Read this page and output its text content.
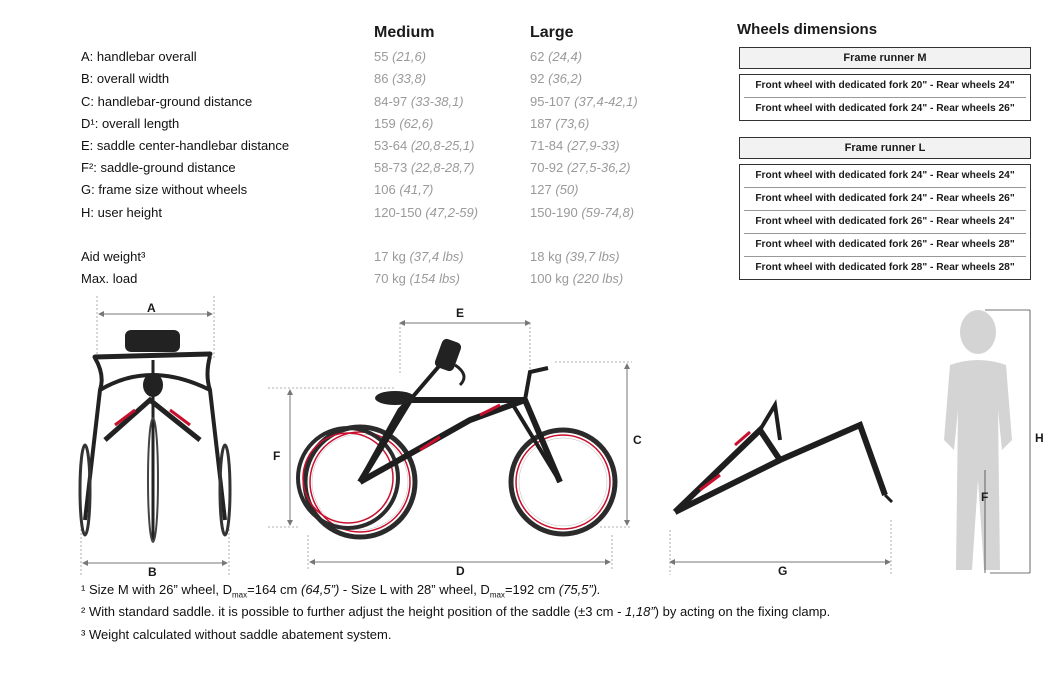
Medium	Large
A: handlebar overall	55 (21,6)	62 (24,4)
B: overall width	86 (33,8)	92 (36,2)
C: handlebar-ground distance	84-97 (33-38,1)	95-107 (37,4-42,1)
D¹: overall length	159 (62,6)	187 (73,6)
E: saddle center-handlebar distance	53-64 (20,8-25,1)	71-84 (27,9-33)
F²: saddle-ground distance	58-73 (22,8-28,7)	70-92 (27,5-36,2)
G: frame size without wheels	106 (41,7)	127 (50)
H: user height	120-150 (47,2-59)	150-190 (59-74,8)
Aid weight³	17 kg (37,4 lbs)	18 kg (39,7 lbs)
Max. load	70 kg (154 lbs)	100 kg (220 lbs)
Wheels dimensions
Frame runner M
Front wheel with dedicated fork 20" - Rear wheels 24"
Front wheel with dedicated fork 24" - Rear wheels 26"
Frame runner L
Front wheel with dedicated fork 24" - Rear wheels 24"
Front wheel with dedicated fork 24" - Rear wheels 26"
Front wheel with dedicated fork 26" - Rear wheels 24"
Front wheel with dedicated fork 26" - Rear wheels 28"
Front wheel with dedicated fork 28" - Rear wheels 28"
A
B
C
D
E
F
G
H
F
¹ Size M with 26” wheel, $D_{max}=164$ cm (64,5”) - Size L with 28” wheel, $D_{max}=192$ cm (75,5”).
² With standard saddle. it is possible to further adjust the height position of the saddle (±3 cm - 1,18”) by acting on the fixing clamp.
³ Weight calculated without saddle abatement system.
